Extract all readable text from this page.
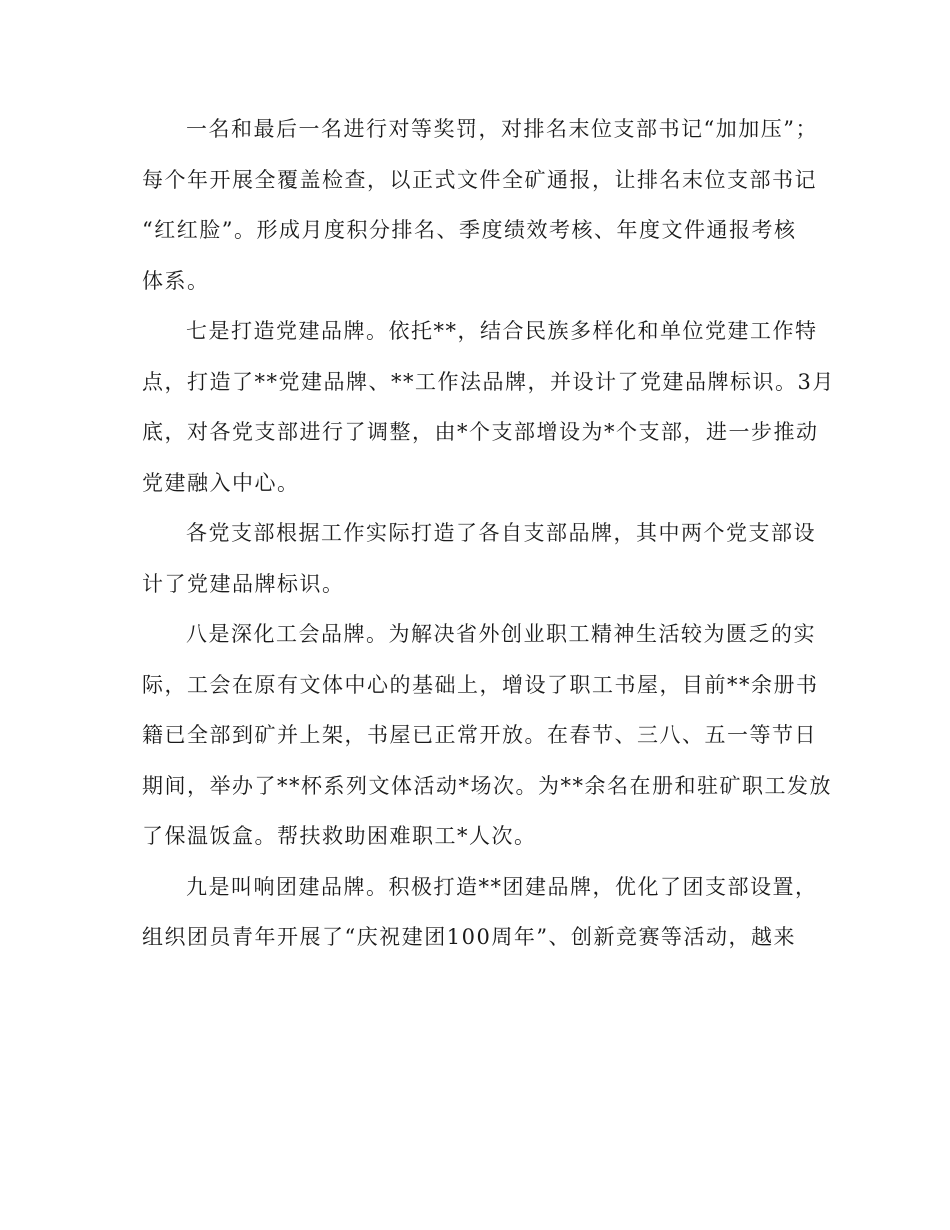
一名和最后一名进行对等奖罚，对排名末位支部书记“加加压”；
每个年开展全覆盖检查，以正式文件全矿通报，让排名末位支部书记
“红红脸”。形成月度积分排名、季度绩效考核、年度文件通报考核
体系。

七是打造党建品牌。依托**，结合民族多样化和单位党建工作特
点，打造了**党建品牌、**工作法品牌，并设计了党建品牌标识。3月
底，对各党支部进行了调整，由*个支部增设为*个支部，进一步推动
党建融入中心。

各党支部根据工作实际打造了各自支部品牌，其中两个党支部设
计了党建品牌标识。

八是深化工会品牌。为解决省外创业职工精神生活较为匮乏的实
际，工会在原有文体中心的基础上，增设了职工书屋，目前**余册书
籍已全部到矿并上架，书屋已正常开放。在春节、三八、五一等节日
期间，举办了**杯系列文体活动*场次。为**余名在册和驻矿职工发放
了保温饭盒。帮扶救助困难职工*人次。

九是叫响团建品牌。积极打造**团建品牌，优化了团支部设置，
组织团员青年开展了“庆祝建团100周年”、创新竞赛等活动，越来
